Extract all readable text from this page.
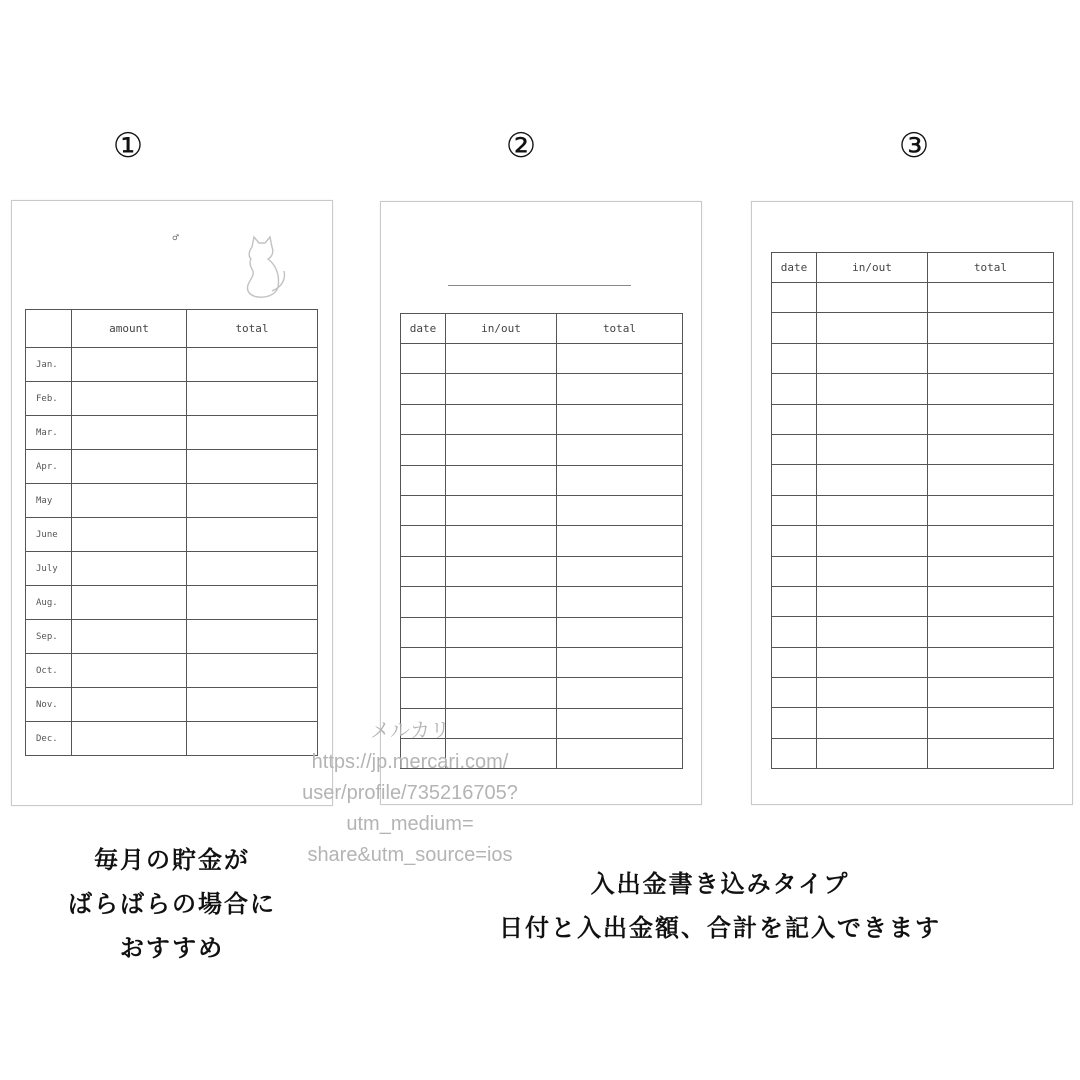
①	②	③
♂
	amount	total
Jan.		
Feb.		
Mar.		
Apr.		
May		
June		
July		
Aug.		
Sep.		
Oct.		
Nov.		
Dec.		
date	in/out	total

date	in/out	total

メルカリ
https://jp.mercari.com/
user/profile/735216705?
utm_medium=
share&utm_source=ios
毎月の貯金が
ばらばらの場合に
おすすめ
入出金書き込みタイプ
日付と入出金額、合計を記入できます
